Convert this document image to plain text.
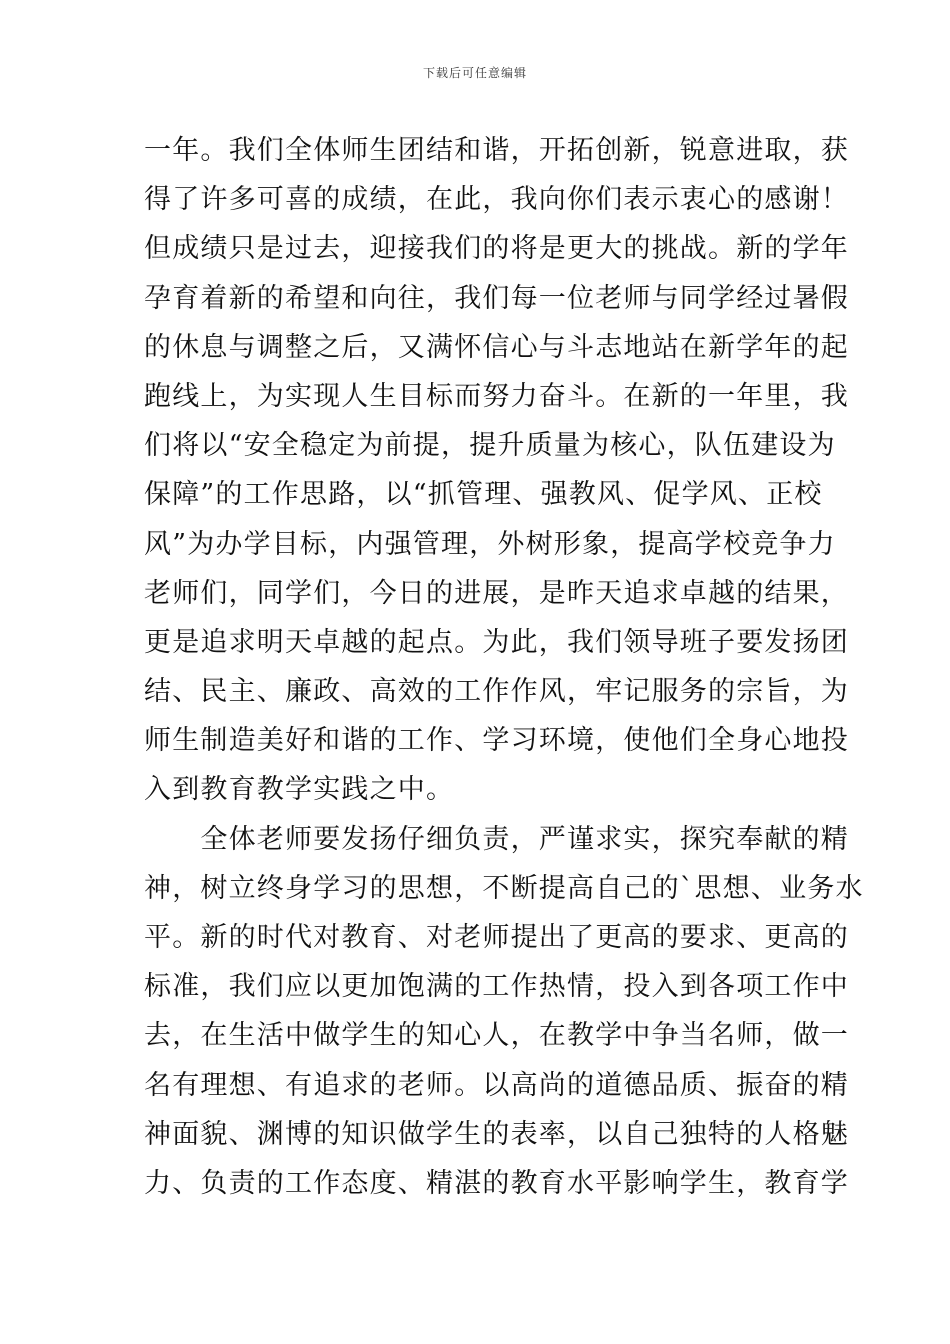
下载后可任意编辑
一年。我们全体师生团结和谐，开拓创新，锐意进取，获
得了许多可喜的成绩，在此，我向你们表示衷心的感谢！
但成绩只是过去，迎接我们的将是更大的挑战。新的学年
孕育着新的希望和向往，我们每一位老师与同学经过暑假
的休息与调整之后，又满怀信心与斗志地站在新学年的起
跑线上，为实现人生目标而努力奋斗。在新的一年里，我
们将以“安全稳定为前提，提升质量为核心，队伍建设为
保障”的工作思路，以“抓管理、强教风、促学风、正校
风”为办学目标，内强管理，外树形象，提高学校竞争力
老师们，同学们，今日的进展，是昨天追求卓越的结果，
更是追求明天卓越的起点。为此，我们领导班子要发扬团
结、民主、廉政、高效的工作作风，牢记服务的宗旨，为
师生制造美好和谐的工作、学习环境，使他们全身心地投
入到教育教学实践之中。
　　全体老师要发扬仔细负责，严谨求实，探究奉献的精
神，树立终身学习的思想，不断提高自己的`思想、业务水
平。新的时代对教育、对老师提出了更高的要求、更高的
标准，我们应以更加饱满的工作热情，投入到各项工作中
去，在生活中做学生的知心人，在教学中争当名师，做一
名有理想、有追求的老师。以高尚的道德品质、振奋的精
神面貌、渊博的知识做学生的表率，以自己独特的人格魅
力、负责的工作态度、精湛的教育水平影响学生，教育学
